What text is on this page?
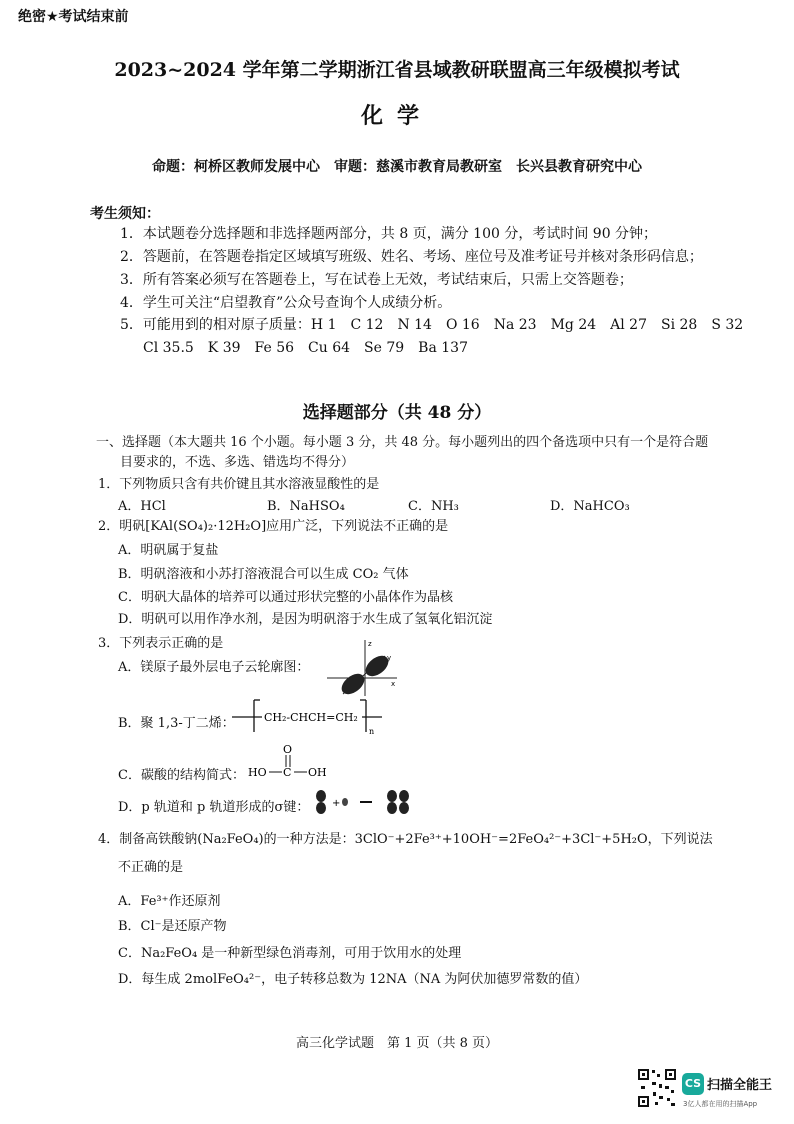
绝密★考试结束前
2023~2024 学年第二学期浙江省县域教研联盟高三年级模拟考试
化学
命题：柯桥区教师发展中心　审题：慈溪市教育局教研室　长兴县教育研究中心
考生须知：
1．本试题卷分选择题和非选择题两部分，共 8 页，满分 100 分，考试时间 90 分钟；
2．答题前，在答题卷指定区域填写班级、姓名、考场、座位号及准考证号并核对条形码信息；
3．所有答案必须写在答题卷上，写在试卷上无效，考试结束后，只需上交答题卷；
4．学生可关注“启望教育”公众号查询个人成绩分析。
5．可能用到的相对原子质量：H 1　C 12　N 14　O 16　Na 23　Mg 24　Al 27　Si 28　S 32
Cl 35.5　K 39　Fe 56　Cu 64　Se 79　Ba 137
选择题部分（共 48 分）
一、选择题（本大题共 16 个小题。每小题 3 分，共 48 分。每小题列出的四个备选项中只有一个是符合题
目要求的，不选、多选、错选均不得分）
1．下列物质只含有共价键且其水溶液显酸性的是
A．HCl	B．NaHSO₄	C．NH₃	D．NaHCO₃
2．明矾[KAl(SO₄)₂·12H₂O]应用广泛，下列说法不正确的是
A．明矾属于复盐
B．明矾溶液和小苏打溶液混合可以生成 CO₂ 气体
C．明矾大晶体的培养可以通过形状完整的小晶体作为晶核
D．明矾可以用作净水剂，是因为明矾溶于水生成了氢氧化铝沉淀
3．下列表示正确的是
A．镁原子最外层电子云轮廓图：
z
x
y
B．聚 1,3-丁二烯：	CH₂-CHCH=CH₂
n
C．碳酸的结构简式：
O
HO C OH
D．p 轨道和 p 轨道形成的σ键： +
4．制备高铁酸钠(Na₂FeO₄)的一种方法是：3ClO⁻+2Fe³⁺+10OH⁻=2FeO₄²⁻+3Cl⁻+5H₂O，下列说法
不正确的是
A．Fe³⁺作还原剂
B．Cl⁻是还原产物
C．Na₂FeO₄ 是一种新型绿色消毒剂，可用于饮用水的处理
D．每生成 2molFeO₄²⁻，电子转移总数为 12NA（NA 为阿伏加德罗常数的值）
高三化学试题　第 1 页（共 8 页）
CS 扫描全能王
3亿人都在用的扫描App
